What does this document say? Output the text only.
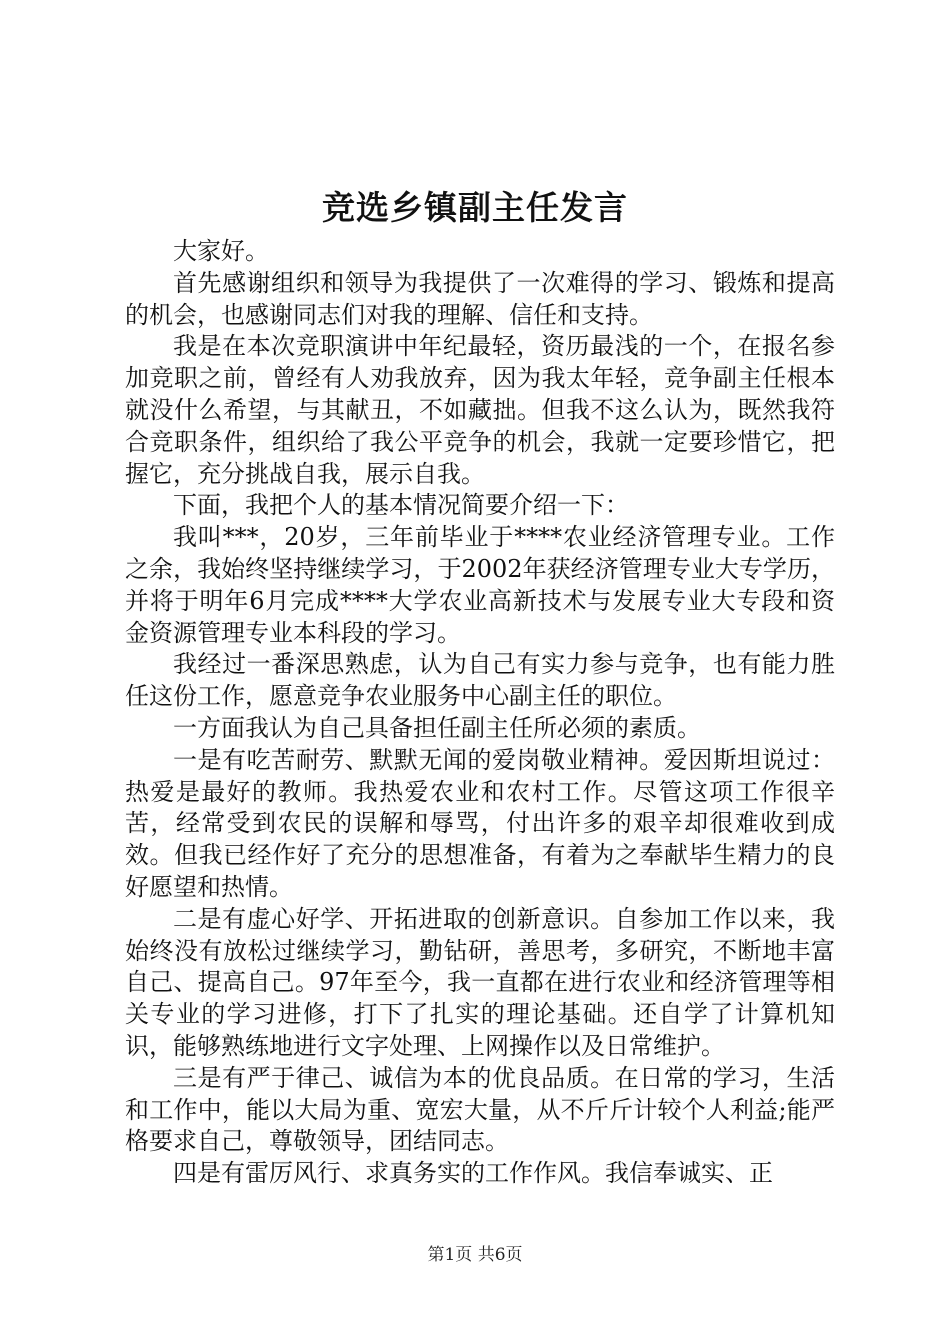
竞选乡镇副主任发言

大家好。

首先感谢组织和领导为我提供了一次难得的学习、锻炼和提高的机会，也感谢同志们对我的理解、信任和支持。

我是在本次竞职演讲中年纪最轻，资历最浅的一个，在报名参加竞职之前，曾经有人劝我放弃，因为我太年轻，竞争副主任根本就没什么希望，与其献丑，不如藏拙。但我不这么认为，既然我符合竞职条件，组织给了我公平竞争的机会，我就一定要珍惜它，把握它，充分挑战自我，展示自我。

下面，我把个人的基本情况简要介绍一下：

我叫***，20岁，三年前毕业于****农业经济管理专业。工作之余，我始终坚持继续学习，于2002年获经济管理专业大专学历，并将于明年6月完成****大学农业高新技术与发展专业大专段和资金资源管理专业本科段的学习。

我经过一番深思熟虑，认为自己有实力参与竞争，也有能力胜任这份工作，愿意竞争农业服务中心副主任的职位。

一方面我认为自己具备担任副主任所必须的素质。

一是有吃苦耐劳、默默无闻的爱岗敬业精神。爱因斯坦说过：热爱是最好的教师。我热爱农业和农村工作。尽管这项工作很辛苦，经常受到农民的误解和辱骂，付出许多的艰辛却很难收到成效。但我已经作好了充分的思想准备，有着为之奉献毕生精力的良好愿望和热情。

二是有虚心好学、开拓进取的创新意识。自参加工作以来，我始终没有放松过继续学习，勤钻研，善思考，多研究，不断地丰富自己、提高自己。97年至今，我一直都在进行农业和经济管理等相关专业的学习进修，打下了扎实的理论基础。还自学了计算机知识，能够熟练地进行文字处理、上网操作以及日常维护。

三是有严于律己、诚信为本的优良品质。在日常的学习，生活和工作中，能以大局为重、宽宏大量，从不斤斤计较个人利益;能严格要求自己，尊敬领导，团结同志。

四是有雷厉风行、求真务实的工作作风。我信奉诚实、正

第1页 共6页
